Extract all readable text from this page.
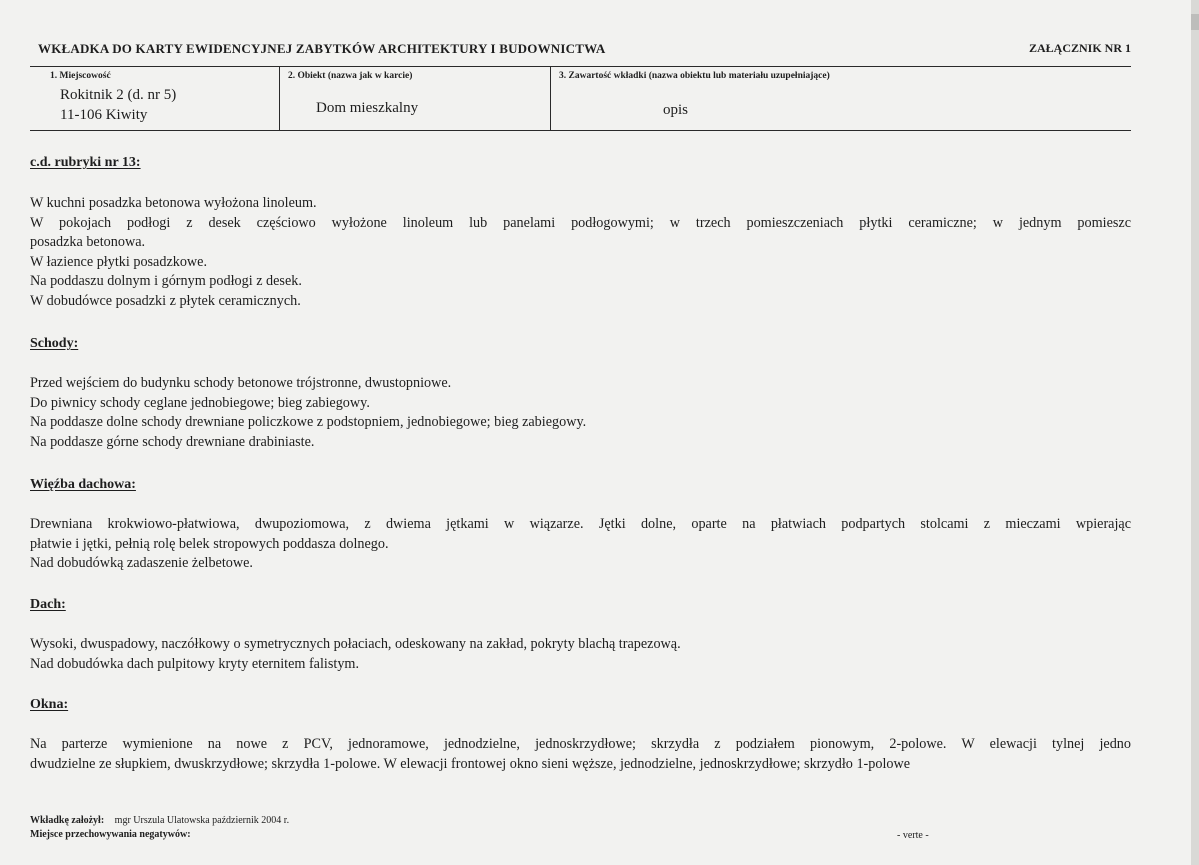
WKŁADKA DO KARTY EWIDENCYJNEJ ZABYTKÓW ARCHITEKTURY I BUDOWNICTWA	ZAŁĄCZNIK NR 1
1. Miejscowość
Rokitnik 2 (d. nr 5)
11-106 Kiwity
2. Obiekt (nazwa jak w karcie)
Dom mieszkalny
3. Zawartość wkładki (nazwa obiektu lub materiału uzupełniające)
opis
c.d. rubryki nr 13:
W kuchni posadzka betonowa wyłożona linoleum.
W pokojach podłogi z desek częściowo wyłożone linoleum lub panelami podłogowymi; w trzech pomieszczeniach płytki ceramiczne; w jednym pomieszc
posadzka betonowa.
W łazience płytki posadzkowe.
Na poddaszu dolnym i górnym podłogi z desek.
W dobudówce posadzki z płytek ceramicznych.
Schody:
Przed wejściem do budynku schody betonowe trójstronne, dwustopniowe.
Do piwnicy schody ceglane jednobiegowe; bieg zabiegowy.
Na poddasze dolne schody drewniane policzkowe z podstopniem, jednobiegowe; bieg zabiegowy.
Na poddasze górne schody drewniane drabiniaste.
Więźba dachowa:
Drewniana krokwiowo-płatwiowa, dwupoziomowa, z dwiema jętkami w wiązarze. Jętki dolne, oparte na płatwiach podpartych stolcami z mieczami wpierając
płatwie i jętki, pełnią rolę belek stropowych poddasza dolnego.
Nad dobudówką zadaszenie żelbetowe.
Dach:
Wysoki, dwuspadowy, naczółkowy o symetrycznych połaciach, odeskowany na zakład, pokryty blachą trapezową.
Nad dobudówka dach pulpitowy kryty eternitem falistym.
Okna:
Na parterze wymienione na nowe z PCV, jednoramowe, jednodzielne, jednoskrzydłowe; skrzydła z podziałem pionowym, 2-polowe. W elewacji tylnej jedno
dwudzielne ze słupkiem, dwuskrzydłowe; skrzydła 1-polowe. W elewacji frontowej okno sieni węższe, jednodzielne, jednoskrzydłowe; skrzydło 1-polowe
Wkładkę założył: mgr Urszula Ulatowska październik 2004 r.
Miejsce przechowywania negatywów:	- verte -
